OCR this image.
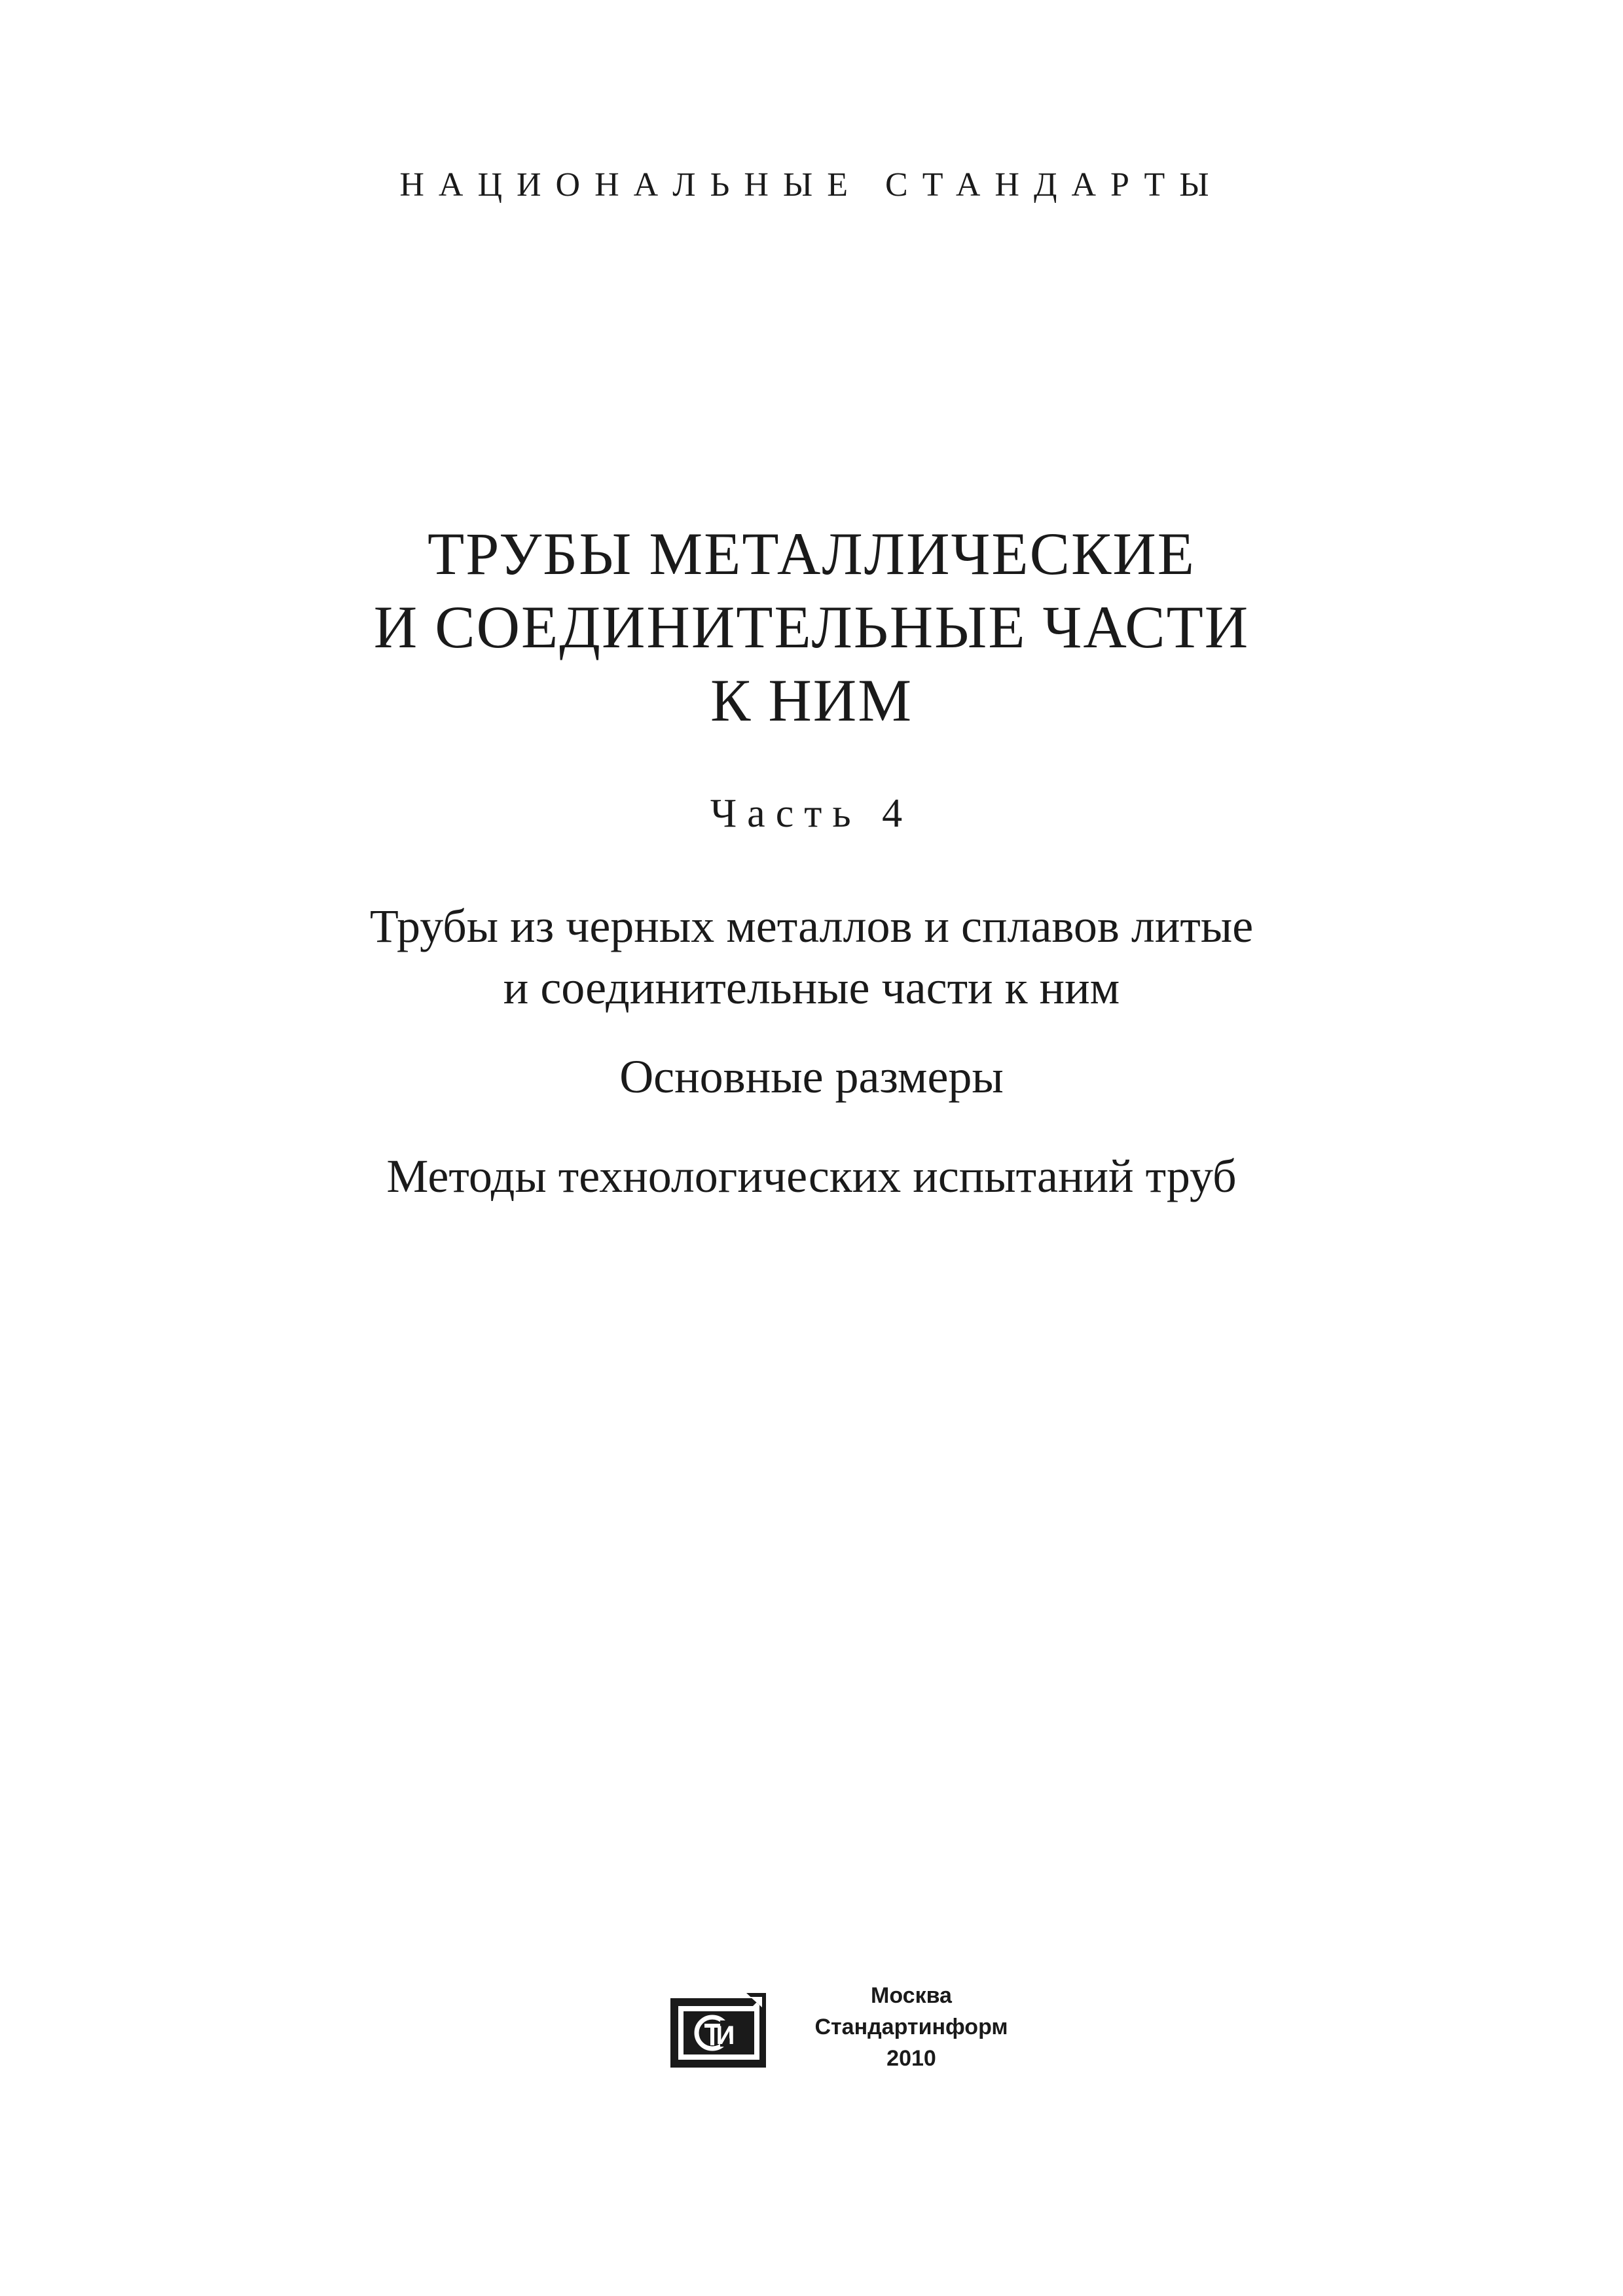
НАЦИОНАЛЬНЫЕ СТАНДАРТЫ
ТРУБЫ МЕТАЛЛИЧЕСКИЕ
И СОЕДИНИТЕЛЬНЫЕ ЧАСТИ
К НИМ
Часть 4
Трубы из черных металлов и сплавов литые
и соединительные части к ним
Основные размеры
Методы технологических испытаний труб
И
Москва
Стандартинформ
2010
